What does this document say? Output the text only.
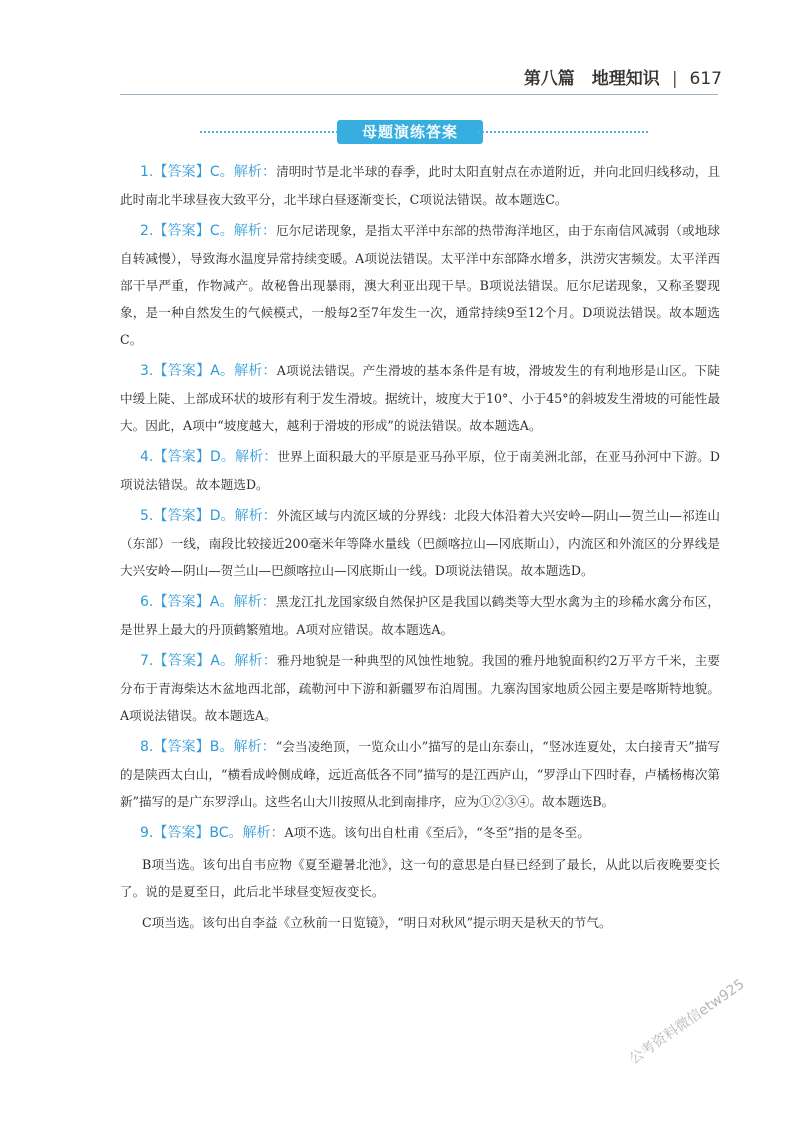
第八篇　地理知识 | 617
母题演练答案

1.【答案】C。解析：清明时节是北半球的春季，此时太阳直射点在赤道附近，并向北回归线移动，且此时南北半球昼夜大致平分，北半球白昼逐渐变长，C项说法错误。故本题选C。

2.【答案】C。解析：厄尔尼诺现象，是指太平洋中东部的热带海洋地区，由于东南信风减弱（或地球自转减慢），导致海水温度异常持续变暖。A项说法错误。太平洋中东部降水增多，洪涝灾害频发。太平洋西部干旱严重，作物减产。故秘鲁出现暴雨，澳大利亚出现干旱。B项说法错误。厄尔尼诺现象，又称圣婴现象，是一种自然发生的气候模式，一般每2至7年发生一次，通常持续9至12个月。D项说法错误。故本题选C。

3.【答案】A。解析：A项说法错误。产生滑坡的基本条件是有坡，滑坡发生的有利地形是山区。下陡中缓上陡、上部成环状的坡形有利于发生滑坡。据统计，坡度大于10°、小于45°的斜坡发生滑坡的可能性最大。因此，A项中“坡度越大，越利于滑坡的形成”的说法错误。故本题选A。

4.【答案】D。解析：世界上面积最大的平原是亚马孙平原，位于南美洲北部，在亚马孙河中下游。D项说法错误。故本题选D。

5.【答案】D。解析：外流区域与内流区域的分界线：北段大体沿着大兴安岭—阴山—贺兰山—祁连山（东部）一线，南段比较接近200毫米年等降水量线（巴颜喀拉山—冈底斯山），内流区和外流区的分界线是大兴安岭—阴山—贺兰山—巴颜喀拉山—冈底斯山一线。D项说法错误。故本题选D。

6.【答案】A。解析：黑龙江扎龙国家级自然保护区是我国以鹤类等大型水禽为主的珍稀水禽分布区，是世界上最大的丹顶鹤繁殖地。A项对应错误。故本题选A。

7.【答案】A。解析：雅丹地貌是一种典型的风蚀性地貌。我国的雅丹地貌面积约2万平方千米，主要分布于青海柴达木盆地西北部，疏勒河中下游和新疆罗布泊周围。九寨沟国家地质公园主要是喀斯特地貌。A项说法错误。故本题选A。

8.【答案】B。解析：“会当凌绝顶，一览众山小”描写的是山东泰山，“竖冰连夏处，太白接青天”描写的是陕西太白山，“横看成岭侧成峰，远近高低各不同”描写的是江西庐山，“罗浮山下四时春，卢橘杨梅次第新”描写的是广东罗浮山。这些名山大川按照从北到南排序，应为①②③④。故本题选B。

9.【答案】BC。解析：A项不选。该句出自杜甫《至后》，“冬至”指的是冬至。

B项当选。该句出自韦应物《夏至避暑北池》，这一句的意思是白昼已经到了最长，从此以后夜晚要变长了。说的是夏至日，此后北半球昼变短夜变长。

C项当选。该句出自李益《立秋前一日览镜》，“明日对秋风”提示明天是秋天的节气。

公考资料微信etw925
